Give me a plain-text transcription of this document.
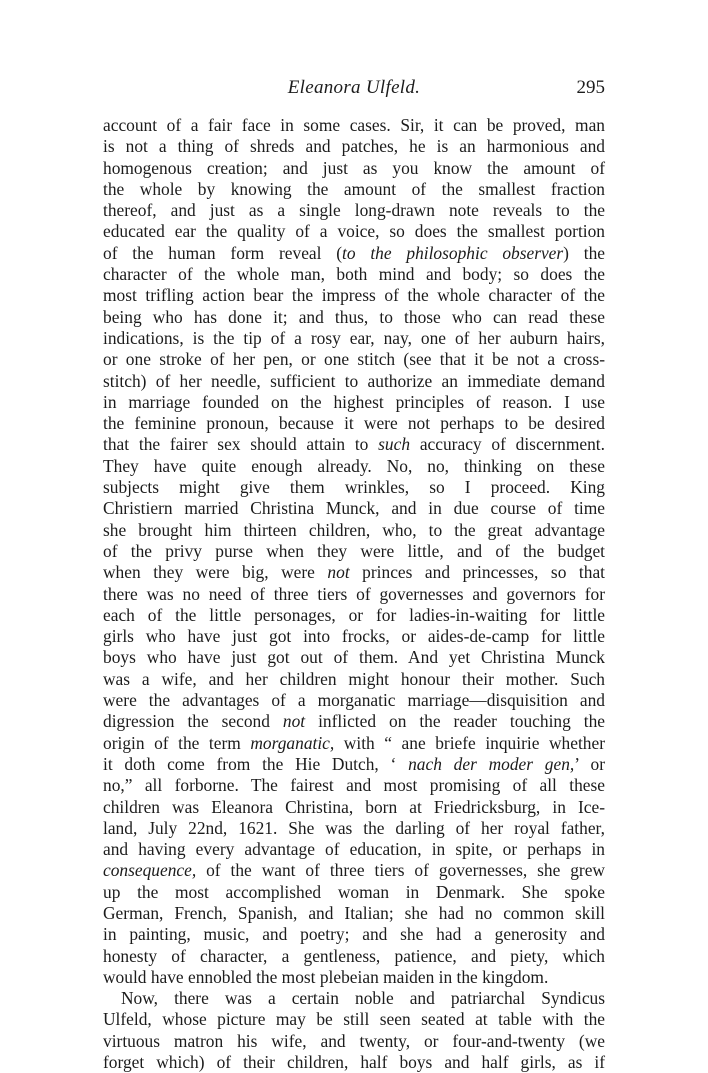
Eleanora Ulfeld.	295
account of a fair face in some cases. Sir, it can be proved, man
is not a thing of shreds and patches, he is an harmonious and
homogenous creation; and just as you know the amount of
the whole by knowing the amount of the smallest fraction
thereof, and just as a single long-drawn note reveals to the
educated ear the quality of a voice, so does the smallest portion
of the human form reveal (to the philosophic observer) the
character of the whole man, both mind and body; so does the
most trifling action bear the impress of the whole character of the
being who has done it; and thus, to those who can read these
indications, is the tip of a rosy ear, nay, one of her auburn hairs,
or one stroke of her pen, or one stitch (see that it be not a cross-
stitch) of her needle, sufficient to authorize an immediate demand
in marriage founded on the highest principles of reason. I use
the feminine pronoun, because it were not perhaps to be desired
that the fairer sex should attain to such accuracy of discernment.
They have quite enough already. No, no, thinking on these
subjects might give them wrinkles, so I proceed. King
Christiern married Christina Munck, and in due course of time
she brought him thirteen children, who, to the great advantage
of the privy purse when they were little, and of the budget
when they were big, were not princes and princesses, so that
there was no need of three tiers of governesses and governors for
each of the little personages, or for ladies-in-waiting for little
girls who have just got into frocks, or aides-de-camp for little
boys who have just got out of them. And yet Christina Munck
was a wife, and her children might honour their mother. Such
were the advantages of a morganatic marriage—disquisition and
digression the second not inflicted on the reader touching the
origin of the term morganatic, with “ ane briefe inquirie whether
it doth come from the Hie Dutch, ‘ nach der moder gen,’ or
no,” all forborne. The fairest and most promising of all these
children was Eleanora Christina, born at Friedricksburg, in Ice-
land, July 22nd, 1621. She was the darling of her royal father,
and having every advantage of education, in spite, or perhaps in
consequence, of the want of three tiers of governesses, she grew
up the most accomplished woman in Denmark. She spoke
German, French, Spanish, and Italian; she had no common skill
in painting, music, and poetry; and she had a generosity and
honesty of character, a gentleness, patience, and piety, which
would have ennobled the most plebeian maiden in the kingdom.
Now, there was a certain noble and patriarchal Syndicus
Ulfeld, whose picture may be still seen seated at table with the
virtuous matron his wife, and twenty, or four-and-twenty (we
forget which) of their children, half boys and half girls, as if
